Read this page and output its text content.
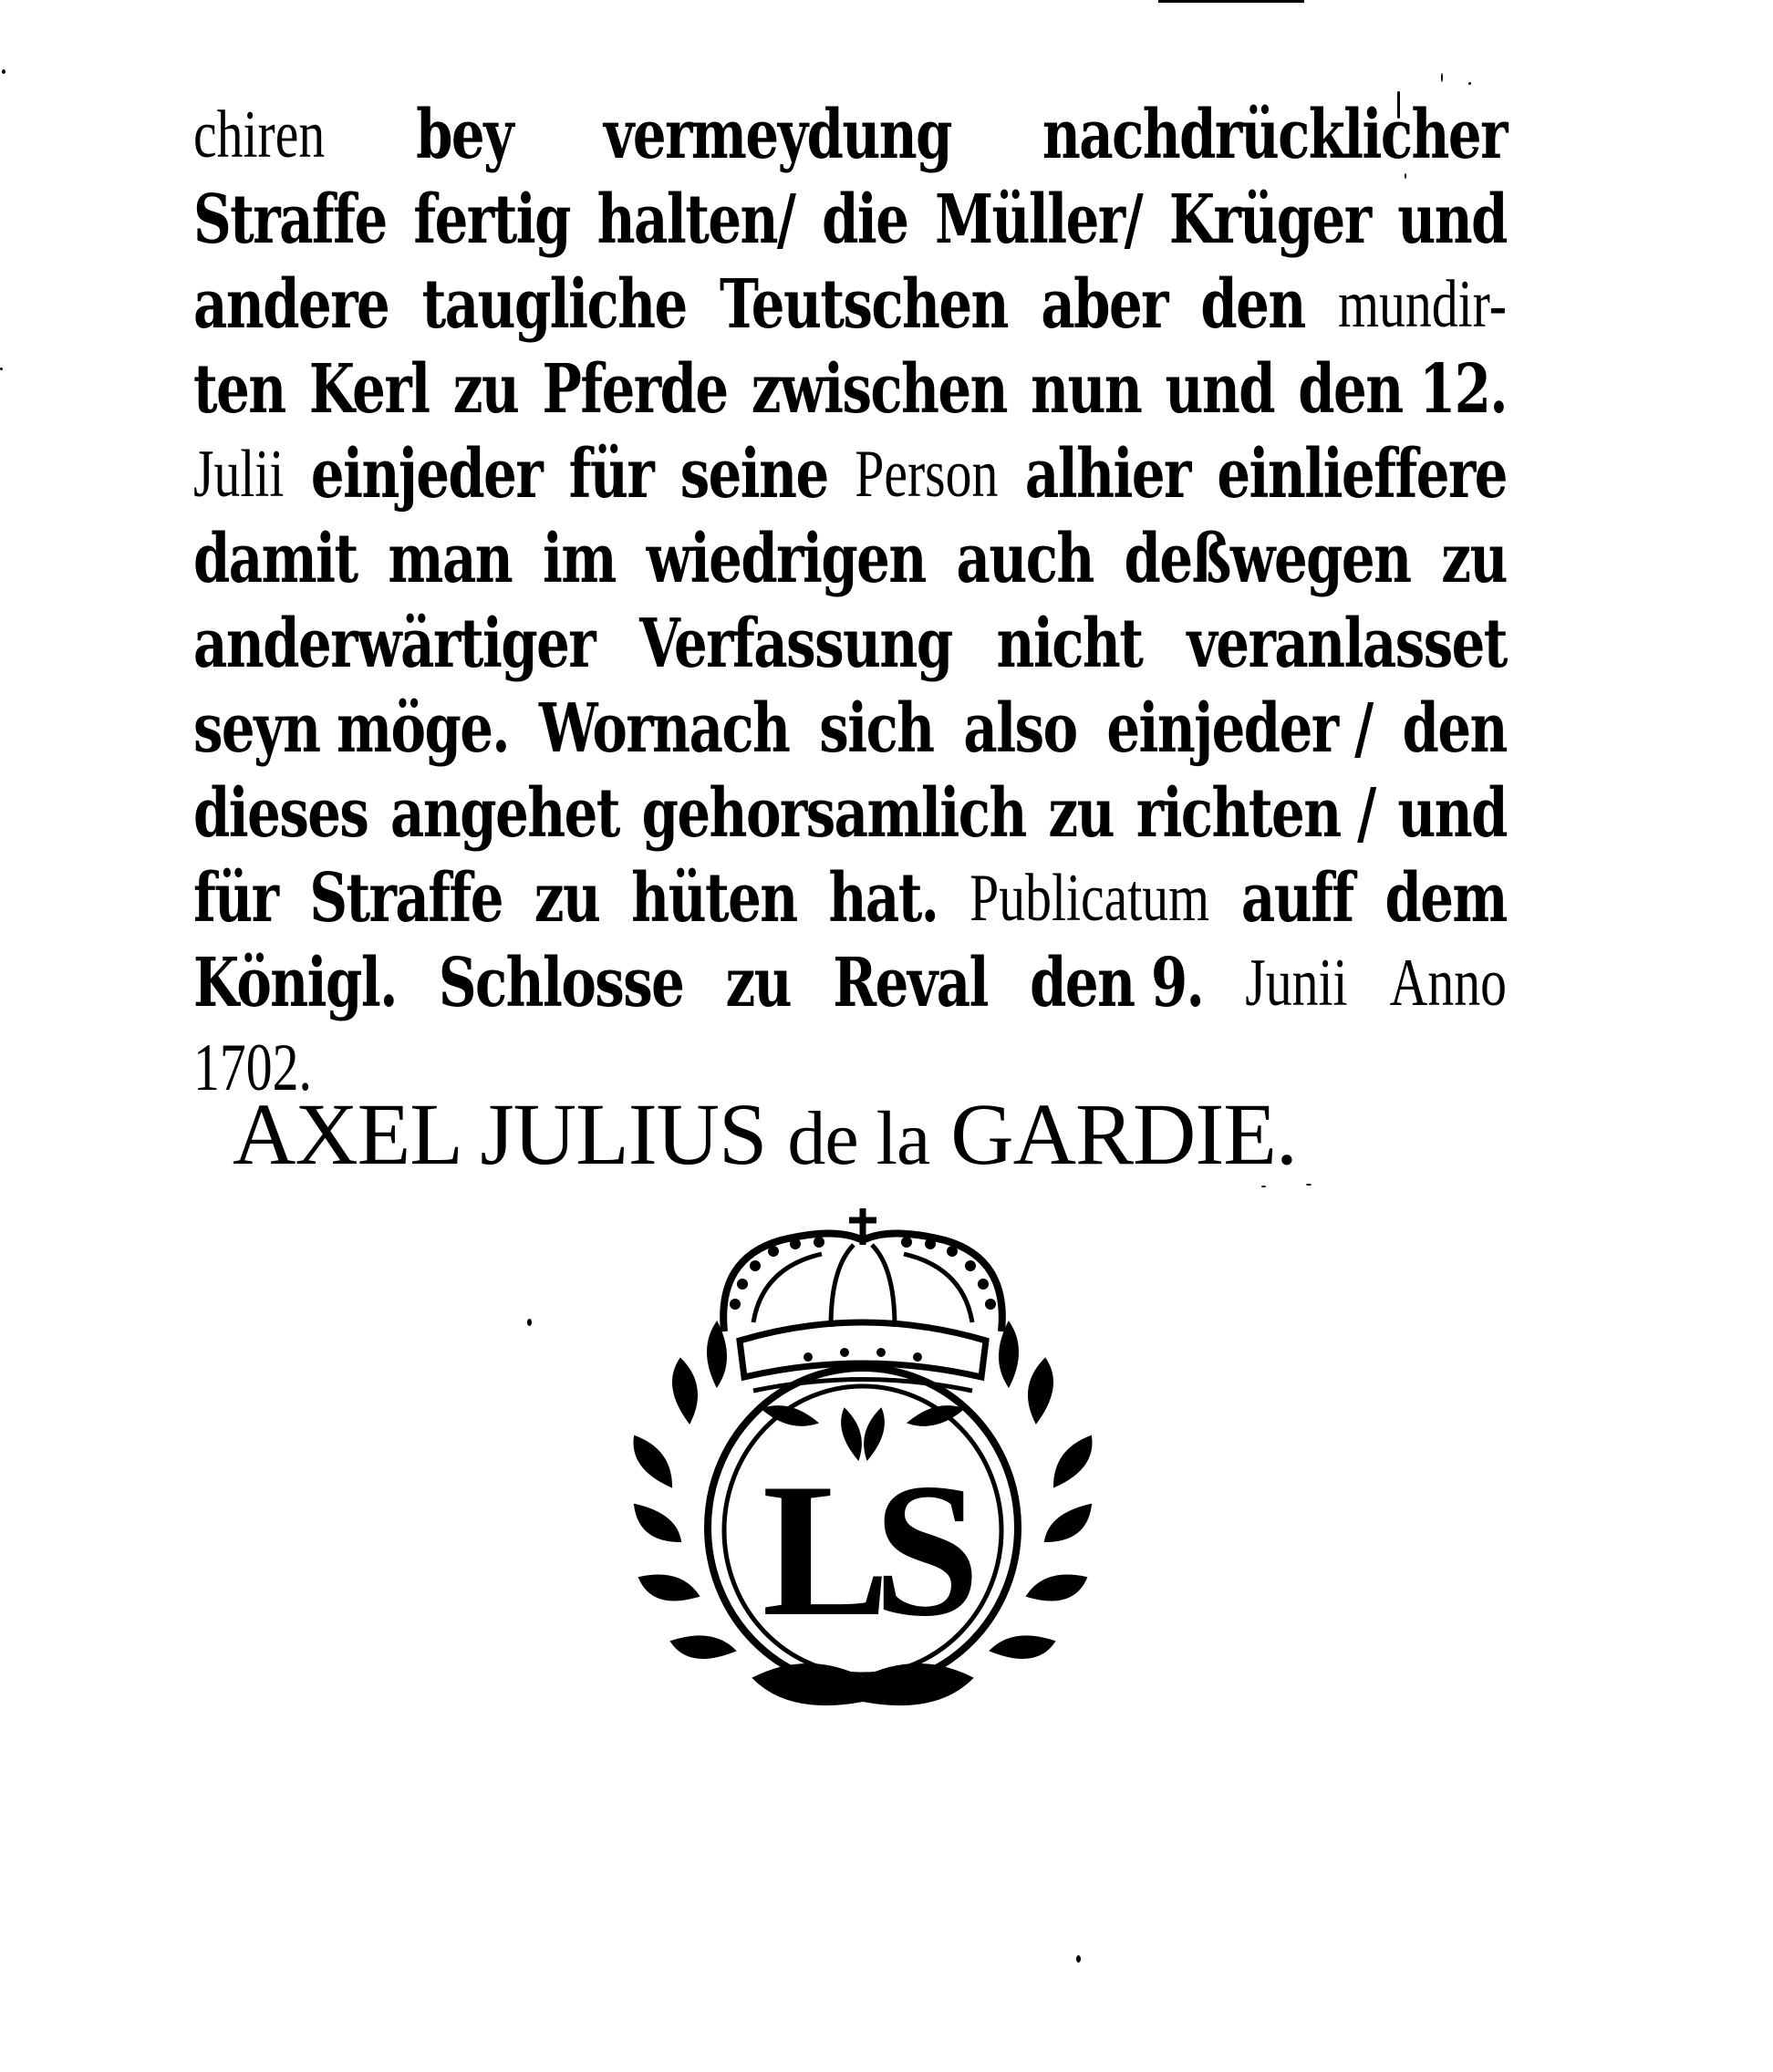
chiren bey vermeydung nachdrücklicher
Straffe fertig halten/ die Müller/ Krüger und
andere taugliche Teutschen aber den mundir-
ten Kerl zu Pferde zwischen nun und den 12.
Julii einjeder für seine Person alhier einlieffere
damit man im wiedrigen auch deßwegen zu
anderwärtiger Verfassung nicht veranlasset
seyn möge. Wornach sich also einjeder / den
dieses angehet gehorsamlich zu richten / und
für Straffe zu hüten hat. Publicatum auff dem
Königl. Schlosse zu Reval den 9. Junii Anno
1702.
AXEL JULIUS de la GARDIE.
LS
